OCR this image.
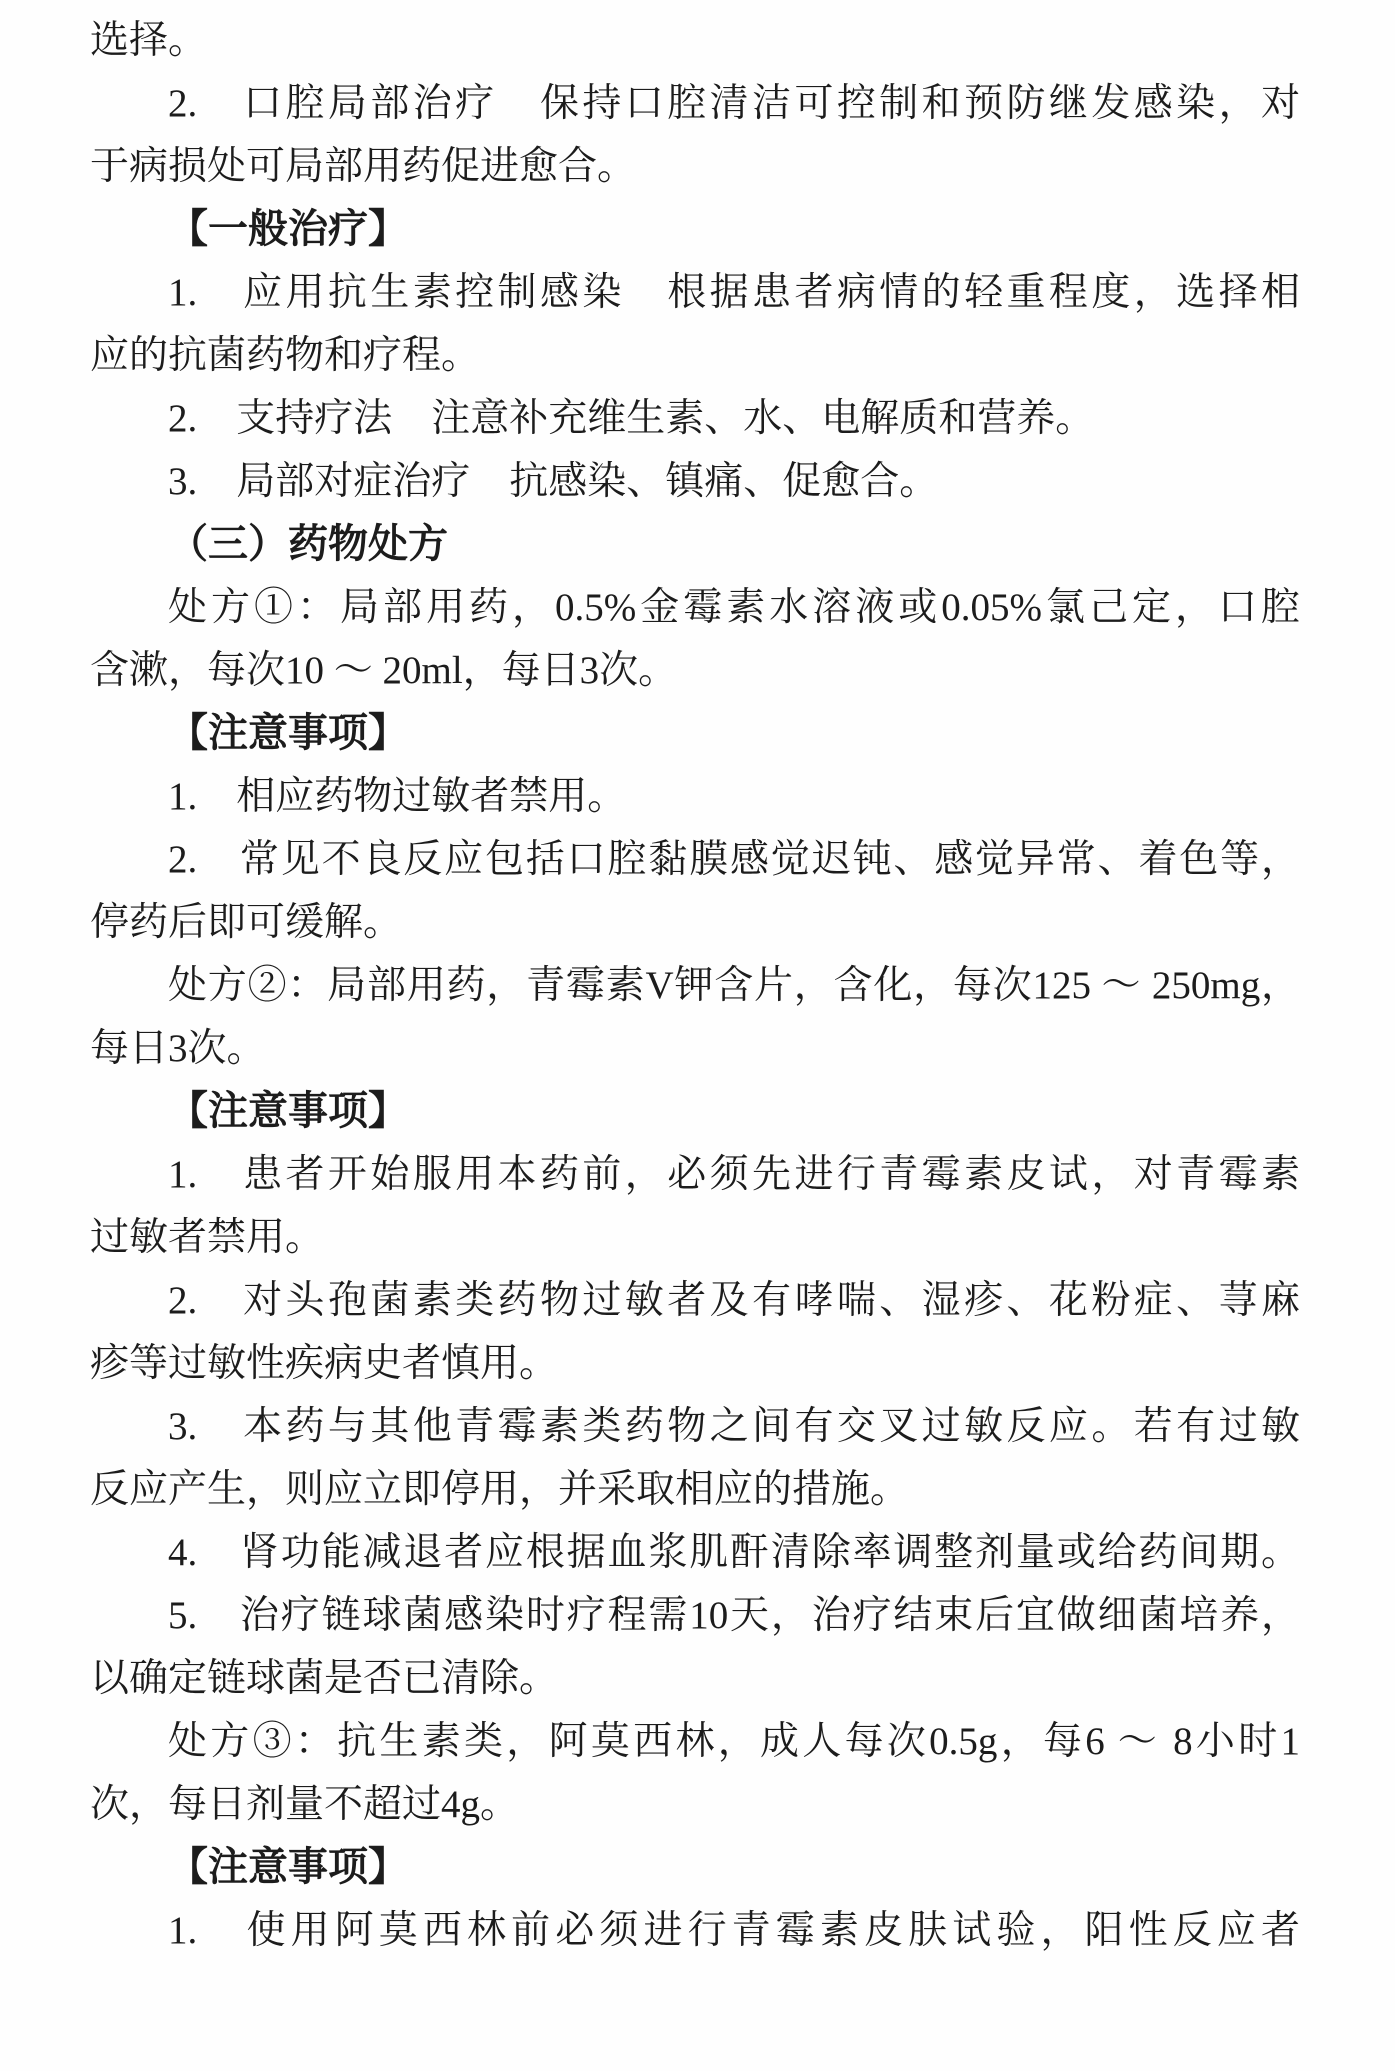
选择。
2.　口腔局部治疗　保持口腔清洁可控制和预防继发感染，对
于病损处可局部用药促进愈合。
【一般治疗】
1.　应用抗生素控制感染　根据患者病情的轻重程度，选择相
应的抗菌药物和疗程。
2.　支持疗法　注意补充维生素、水、电解质和营养。
3.　局部对症治疗　抗感染、镇痛、促愈合。
（三）药物处方
处方①：局部用药，0.5%金霉素水溶液或0.05%氯己定，口腔
含漱，每次10 ～ 20ml，每日3次。
【注意事项】
1.　相应药物过敏者禁用。
2.　常见不良反应包括口腔黏膜感觉迟钝、感觉异常、着色等，
停药后即可缓解。
处方②：局部用药，青霉素V钾含片，含化，每次125 ～ 250mg，
每日3次。
【注意事项】
1.　患者开始服用本药前，必须先进行青霉素皮试，对青霉素
过敏者禁用。
2.　对头孢菌素类药物过敏者及有哮喘、湿疹、花粉症、荨麻
疹等过敏性疾病史者慎用。
3.　本药与其他青霉素类药物之间有交叉过敏反应。若有过敏
反应产生，则应立即停用，并采取相应的措施。
4.　肾功能减退者应根据血浆肌酐清除率调整剂量或给药间期。
5.　治疗链球菌感染时疗程需10天，治疗结束后宜做细菌培养，
以确定链球菌是否已清除。
处方③：抗生素类，阿莫西林，成人每次0.5g，每6 ～ 8小时1
次，每日剂量不超过4g。
【注意事项】
1.　使用阿莫西林前必须进行青霉素皮肤试验，阳性反应者
